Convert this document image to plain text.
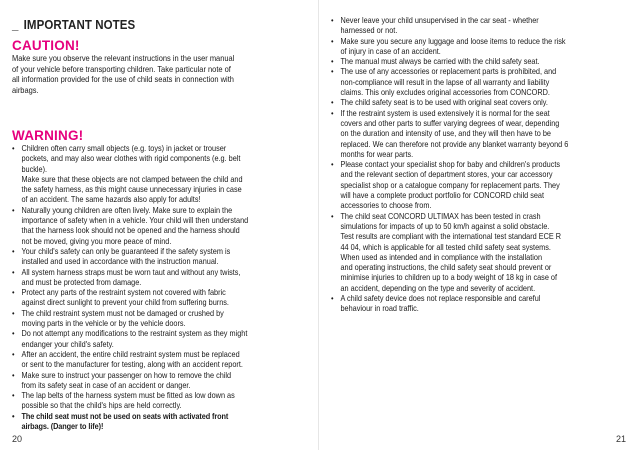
_ IMPORTANT NOTES
CAUTION!
Make sure you observe the relevant instructions in the user manual
of your vehicle before transporting children. Take particular note of
all information provided for the use of child seats in connection with
airbags.
WARNING!
• Children often carry small objects (e.g. toys) in jacket or trouser
pockets, and may also wear clothes with rigid components (e.g. belt
buckle).
Make sure that these objects are not clamped between the child and
the safety harness, as this might cause unnecessary injuries in case
of an accident. The same hazards also apply for adults!
• Naturally young children are often lively. Make sure to explain the
importance of safety when in a vehicle. Your child will then understand
that the harness look should not be opened and the harness should
not be moved, giving you more peace of mind.
• Your child's safety can only be guaranteed if the safety system is
installed and used in accordance with the instruction manual.
• All system harness straps must be worn taut and without any twists,
and must be protected from damage.
• Protect any parts of the restraint system not covered with fabric
against direct sunlight to prevent your child from suffering burns.
• The child restraint system must not be damaged or crushed by
moving parts in the vehicle or by the vehicle doors.
• Do not attempt any modifications to the restraint system as they might
endanger your child's safety.
• After an accident, the entire child restraint system must be replaced
or sent to the manufacturer for testing, along with an accident report.
• Make sure to instruct your passenger on how to remove the child
from its safety seat in case of an accident or danger.
• The lap belts of the harness system must be fitted as low down as
possible so that the child's hips are held correctly.
• The child seat must not be used on seats with activated front
airbags. (Danger to life)!
20	21
• Never leave your child unsupervised in the car seat - whether
harnessed or not.
• Make sure you secure any luggage and loose items to reduce the risk
of injury in case of an accident.
• The manual must always be carried with the child safety seat.
• The use of any accessories or replacement parts is prohibited, and
non-compliance will result in the lapse of all warranty and liability
claims. This only excludes original accessories from CONCORD.
• The child safety seat is to be used with original seat covers only.
• If the restraint system is used extensively it is normal for the seat
covers and other parts to suffer varying degrees of wear, depending
on the duration and intensity of use, and they will then have to be
replaced. We can therefore not provide any blanket warranty beyond 6
months for wear parts.
• Please contact your specialist shop for baby and children's products
and the relevant section of department stores, your car accessory
specialist shop or a catalogue company for replacement parts. They
will have a complete product portfolio for CONCORD child seat
accessories to choose from.
• The child seat CONCORD ULTIMAX has been tested in crash
simulations for impacts of up to 50 km/h against a solid obstacle.
Test results are compliant with the international test standard ECE R
44 04, which is applicable for all tested child safety seat systems.
When used as intended and in compliance with the installation
and operating instructions, the child safety seat should prevent or
minimise injuries to children up to a body weight of 18 kg in case of
an accident, depending on the type and severity of accident.
• A child safety device does not replace responsible and careful
behaviour in road traffic.
